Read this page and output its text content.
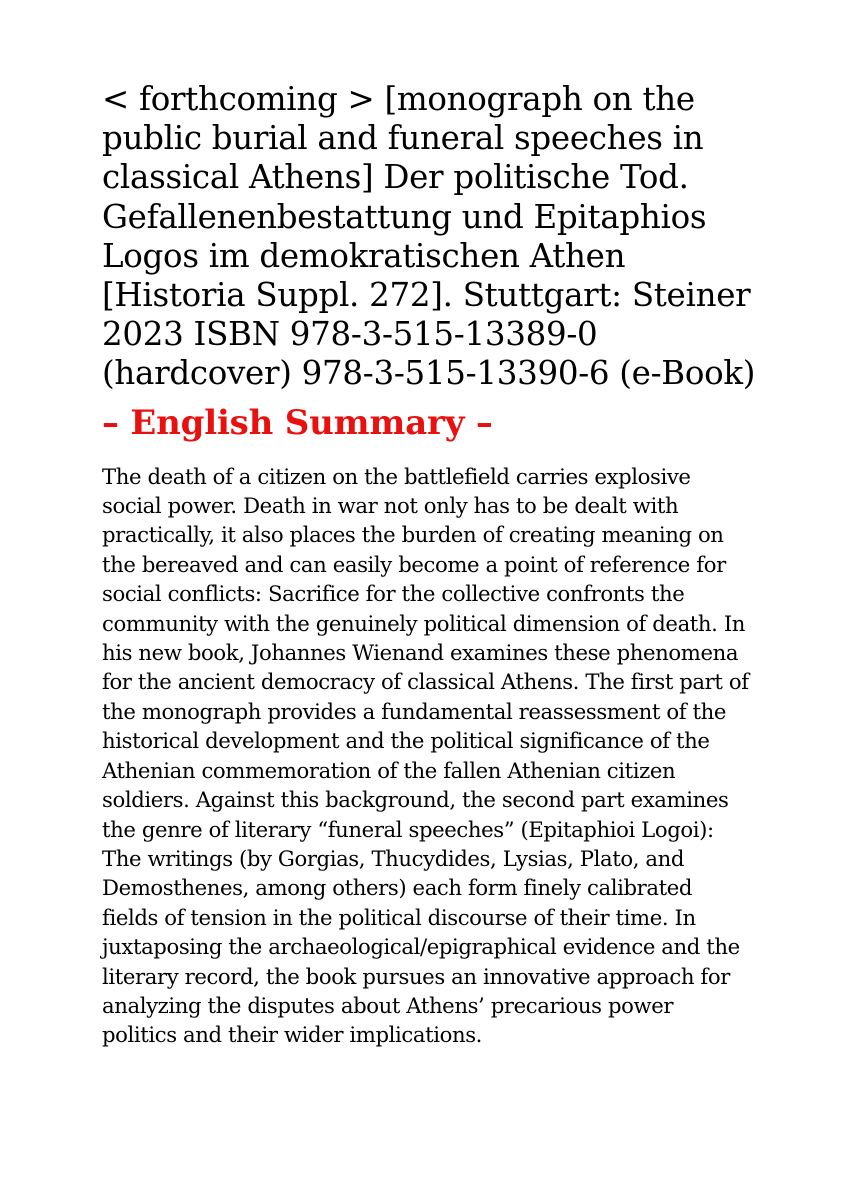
< forthcoming > [monograph on the public burial and funeral speeches in classical Athens] Der politische Tod. Gefallenenbestattung und Epitaphios Logos im demokratischen Athen [Historia Suppl. 272]. Stuttgart: Steiner 2023 ISBN 978-3-515-13389-0 (hardcover) 978-3-515-13390-6 (e-Book)
– English Summary –

The death of a citizen on the battlefield carries explosive social power. Death in war not only has to be dealt with practically, it also places the burden of creating meaning on the bereaved and can easily become a point of reference for social conflicts: Sacrifice for the collective confronts the community with the genuinely political dimension of death. In his new book, Johannes Wienand examines these phenomena for the ancient democracy of classical Athens. The first part of the monograph provides a fundamental reassessment of the historical development and the political significance of the Athenian commemoration of the fallen Athenian citizen soldiers. Against this background, the second part examines the genre of literary “funeral speeches” (Epitaphioi Logoi): The writings (by Gorgias, Thucydides, Lysias, Plato, and Demosthenes, among others) each form finely calibrated fields of tension in the political discourse of their time. In juxtaposing the archaeological/epigraphical evidence and the literary record, the book pursues an innovative approach for analyzing the disputes about Athens’ precarious power politics and their wider implications.
